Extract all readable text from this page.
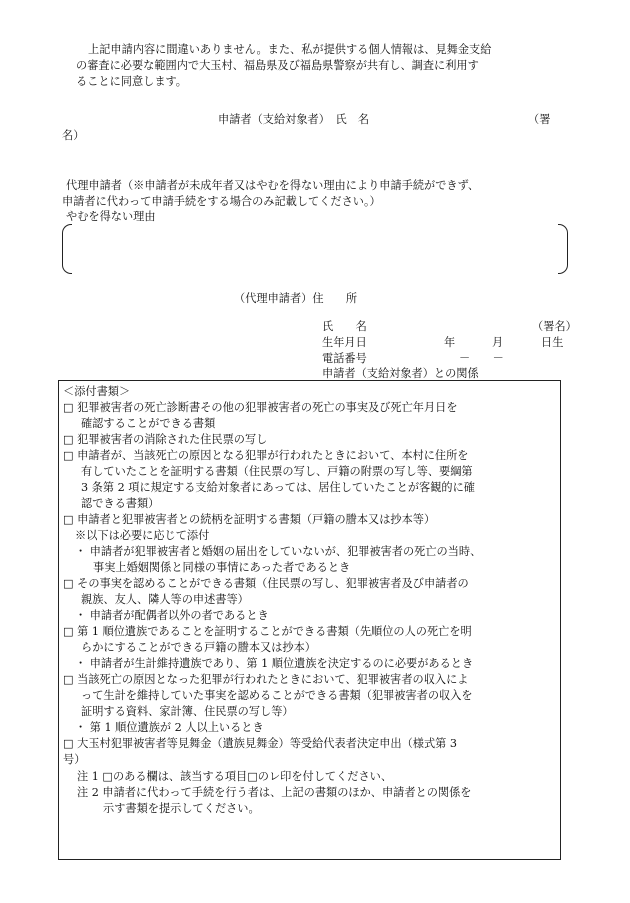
上記申請内容に間違いありません。また、私が提供する個人情報は、見舞金支給
の審査に必要な範囲内で大玉村、福島県及び福島県警察が共有し、調査に利用す
ることに同意します。
申請者（支給対象者）　氏　名	（署
名）
代理申請者（※申請者が未成年者又はやむを得ない理由により申請手続ができず、
申請者に代わって申請手続をする場合のみ記載してください。）
やむを得ない理由
（代理申請者）住　　所
氏　　名	（署名）
生年月日	年	月	日生
電話番号	－　　－
申請者（支給対象者）との関係
＜添付書類＞
□ 犯罪被害者の死亡診断書その他の犯罪被害者の死亡の事実及び死亡年月日を
確認することができる書類
□ 犯罪被害者の消除された住民票の写し
□ 申請者が、当該死亡の原因となる犯罪が行われたときにおいて、本村に住所を
有していたことを証明する書類（住民票の写し、戸籍の附票の写し等、要綱第
3 条第 2 項に規定する支給対象者にあっては、居住していたことが客観的に確
認できる書類）
□ 申請者と犯罪被害者との続柄を証明する書類（戸籍の謄本又は抄本等）
※以下は必要に応じて添付
・ 申請者が犯罪被害者と婚姻の届出をしていないが、犯罪被害者の死亡の当時、
事実上婚姻関係と同様の事情にあった者であるとき
□ その事実を認めることができる書類（住民票の写し、犯罪被害者及び申請者の
親族、友人、隣人等の申述書等）
・ 申請者が配偶者以外の者であるとき
□ 第 1 順位遺族であることを証明することができる書類（先順位の人の死亡を明
らかにすることができる戸籍の謄本又は抄本）
・ 申請者が生計維持遺族であり、第 1 順位遺族を決定するのに必要があるとき
□ 当該死亡の原因となった犯罪が行われたときにおいて、犯罪被害者の収入によ
って生計を維持していた事実を認めることができる書類（犯罪被害者の収入を
証明する資料、家計簿、住民票の写し等）
・ 第 1 順位遺族が 2 人以上いるとき
□ 大玉村犯罪被害者等見舞金（遺族見舞金）等受給代表者決定申出（様式第 3
号）
注 1 □のある欄は、該当する項目□のレ印を付してください、
注 2 申請者に代わって手続を行う者は、上記の書類のほか、申請者との関係を
示す書類を提示してください。
